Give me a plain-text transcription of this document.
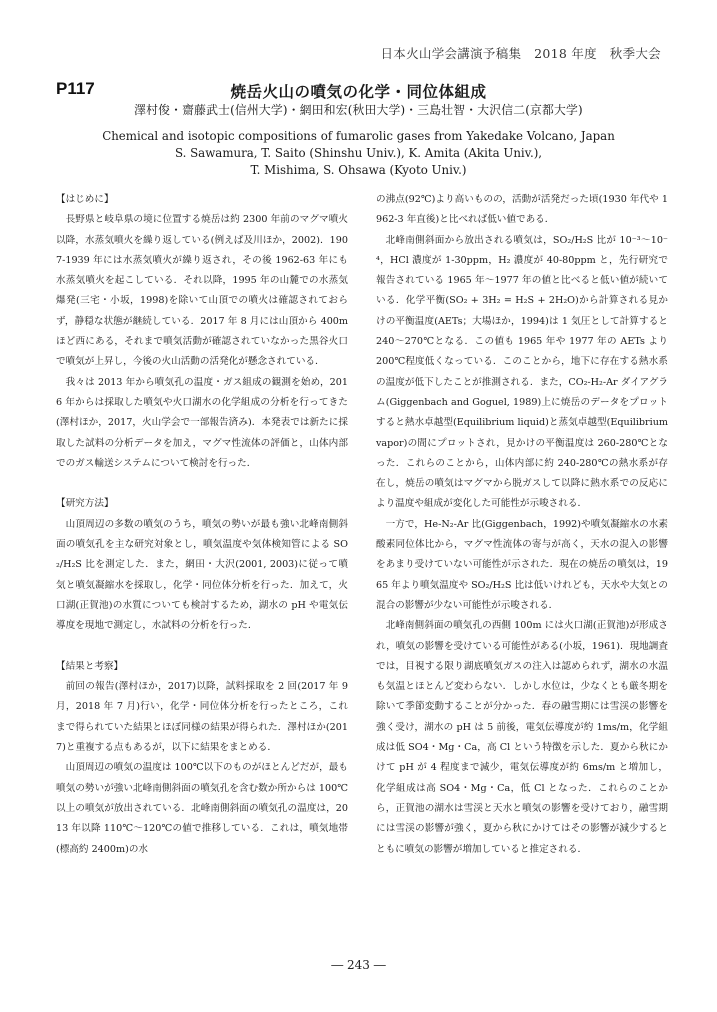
日本火山学会講演予稿集　2018 年度　秋季大会
P117	焼岳火山の噴気の化学・同位体組成
澤村俊・齋藤武士(信州大学)・網田和宏(秋田大学)・三島壮智・大沢信二(京都大学)
Chemical and isotopic compositions of fumarolic gases from Yakedake Volcano, Japan
S. Sawamura, T. Saito (Shinshu Univ.), K. Amita (Akita Univ.),
T. Mishima, S. Ohsawa (Kyoto Univ.)

【はじめに】

長野県と岐阜県の境に位置する焼岳は約 2300 年前のマグマ噴火以降，水蒸気噴火を繰り返している(例えば及川ほか，2002)．1907-1939 年には水蒸気噴火が繰り返され，その後 1962-63 年にも水蒸気噴火を起こしている．それ以降，1995 年の山麓での水蒸気爆発(三宅・小坂，1998)を除いて山頂での噴火は確認されておらず，静穏な状態が継続している．2017 年 8 月には山頂から 400m ほど西にある，それまで噴気活動が確認されていなかった黒谷火口で噴気が上昇し，今後の火山活動の活発化が懸念されている．

我々は 2013 年から噴気孔の温度・ガス組成の観測を始め，2016 年からは採取した噴気や火口湖水の化学組成の分析を行ってきた(澤村ほか，2017，火山学会で一部報告済み)．本発表では新たに採取した試料の分析データを加え，マグマ性流体の評価と，山体内部でのガス輸送システムについて検討を行った．

【研究方法】

山頂周辺の多数の噴気のうち，噴気の勢いが最も強い北峰南側斜面の噴気孔を主な研究対象とし，噴気温度や気体検知管による SO₂/H₂S 比を測定した．また，網田・大沢(2001, 2003)に従って噴気と噴気凝縮水を採取し，化学・同位体分析を行った．加えて，火口湖(正賀池)の水質についても検討するため，湖水の pH や電気伝導度を現地で測定し，水試料の分析を行った．

【結果と考察】

前回の報告(澤村ほか，2017)以降，試料採取を 2 回(2017 年 9 月，2018 年 7 月)行い，化学・同位体分析を行ったところ，これまで得られていた結果とほぼ同様の結果が得られた．澤村ほか(2017)と重複する点もあるが，以下に結果をまとめる．

山頂周辺の噴気の温度は 100℃以下のものがほとんどだが，最も噴気の勢いが強い北峰南側斜面の噴気孔を含む数か所からは 100℃以上の噴気が放出されている．北峰南側斜面の噴気孔の温度は，2013 年以降 110℃～120℃の値で推移している．これは，噴気地帯(標高約 2400m)の水

の沸点(92℃)より高いものの，活動が活発だった頃(1930 年代や 1962-3 年直後)と比べれば低い値である．

北峰南側斜面から放出される噴気は，SO₂/H₂S 比が 10⁻³～10⁻⁴，HCl 濃度が 1-30ppm，H₂ 濃度が 40-80ppm と，先行研究で報告されている 1965 年～1977 年の値と比べると低い値が続いている．化学平衡(SO₂ + 3H₂ = H₂S + 2H₂O)から計算される見かけの平衡温度(AETs；大場ほか，1994)は 1 気圧として計算すると 240～270℃となる．この値も 1965 年や 1977 年の AETs より 200℃程度低くなっている．このことから，地下に存在する熱水系の温度が低下したことが推測される．また，CO₂-H₂-Ar ダイアグラム(Giggenbach and Goguel, 1989)上に焼岳のデータをプロットすると熱水卓越型(Equilibrium liquid)と蒸気卓越型(Equilibrium vapor)の間にプロットされ，見かけの平衡温度は 260-280℃となった．これらのことから，山体内部に約 240-280℃の熱水系が存在し，焼岳の噴気はマグマから脱ガスして以降に熱水系での反応により温度や組成が変化した可能性が示唆される．

一方で，He-N₂-Ar 比(Giggenbach，1992)や噴気凝縮水の水素酸素同位体比から，マグマ性流体の寄与が高く，天水の混入の影響をあまり受けていない可能性が示された．現在の焼岳の噴気は，1965 年より噴気温度や SO₂/H₂S 比は低いけれども，天水や大気との混合の影響が少ない可能性が示唆される．

北峰南側斜面の噴気孔の西側 100m には火口湖(正賀池)が形成され，噴気の影響を受けている可能性がある(小坂，1961)．現地調査では，目視する限り湖底噴気ガスの注入は認められず，湖水の水温も気温とほとんど変わらない．しかし水位は，少なくとも厳冬期を除いて季節変動することが分かった．春の融雪期には雪渓の影響を強く受け，湖水の pH は 5 前後，電気伝導度が約 1ms/m，化学組成は低 SO4・Mg・Ca，高 Cl という特徴を示した．夏から秋にかけて pH が 4 程度まで減少，電気伝導度が約 6ms/m と増加し，化学組成は高 SO4・Mg・Ca，低 Cl となった．これらのことから，正賀池の湖水は雪渓と天水と噴気の影響を受けており，融雪期には雪渓の影響が強く，夏から秋にかけてはその影響が減少するとともに噴気の影響が増加していると推定される．

― 243 ―
